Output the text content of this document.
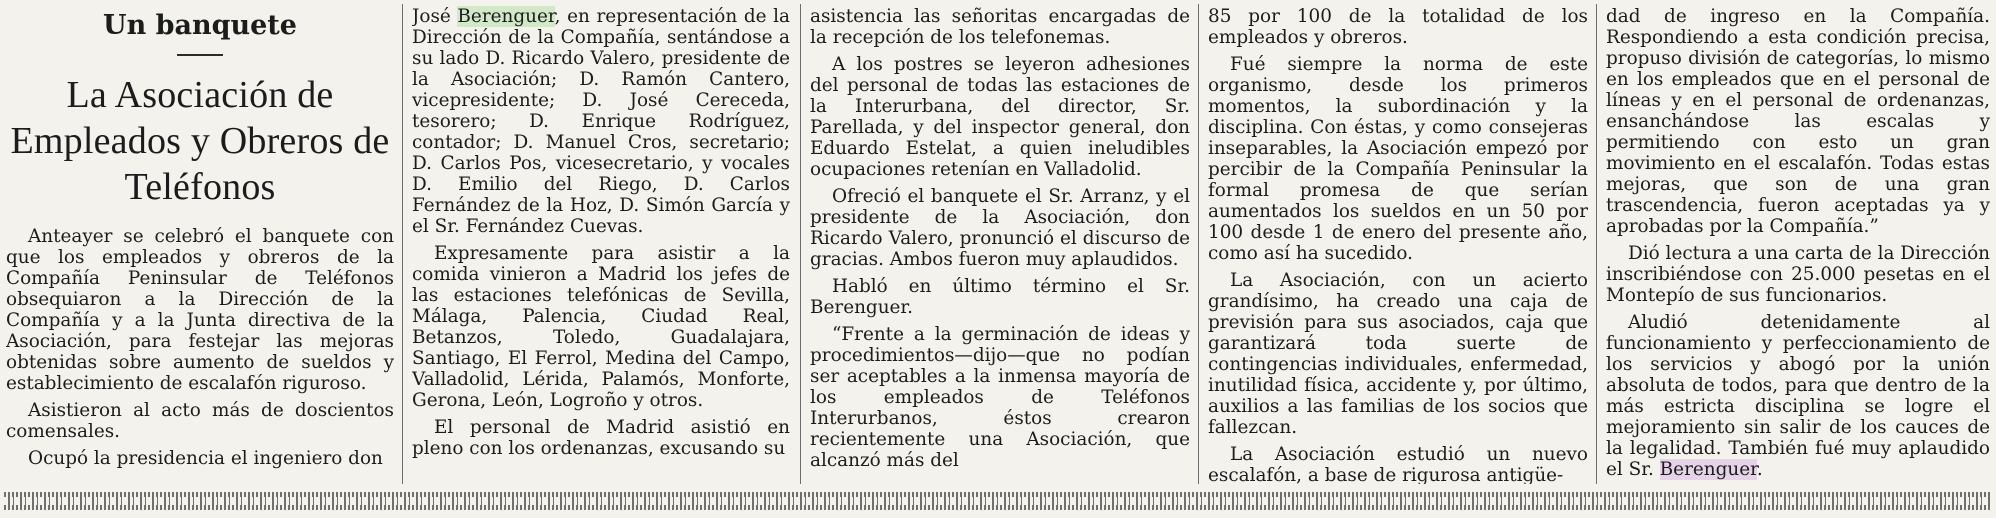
Un banquete
La Asociación de Empleados y Obreros de Teléfonos

Anteayer se celebró el banquete con que los empleados y obreros de la Compañía Peninsular de Teléfonos obsequiaron a la Dirección de la Compañía y a la Junta directiva de la Asociación, para festejar las mejoras obtenidas sobre aumento de sueldos y establecimiento de escalafón riguroso.

Asistieron al acto más de doscientos comensales.

Ocupó la presidencia el ingeniero don

José Berenguer, en representación de la Dirección de la Compañía, sentándose a su lado D. Ricardo Valero, presidente de la Asociación; D. Ramón Cantero, vicepresidente; D. José Cereceda, tesorero; D. Enrique Rodríguez, contador; D. Manuel Cros, secretario; D. Carlos Pos, vicesecretario, y vocales D. Emilio del Riego, D. Carlos Fernández de la Hoz, D. Simón García y el Sr. Fernández Cuevas.

Expresamente para asistir a la comida vinieron a Madrid los jefes de las estaciones telefónicas de Sevilla, Málaga, Palencia, Ciudad Real, Betanzos, Toledo, Guadalajara, Santiago, El Ferrol, Medina del Campo, Valladolid, Lérida, Palamós, Monforte, Gerona, León, Logroño y otros.

El personal de Madrid asistió en pleno con los ordenanzas, excusando su

asistencia las señoritas encargadas de la recepción de los telefonemas.

A los postres se leyeron adhesiones del personal de todas las estaciones de la Interurbana, del director, Sr. Parellada, y del inspector general, don Eduardo Estelat, a quien ineludibles ocupaciones retenían en Valladolid.

Ofreció el banquete el Sr. Arranz, y el presidente de la Asociación, don Ricardo Valero, pronunció el discurso de gracias. Ambos fueron muy aplaudidos.

Habló en último término el Sr. Berenguer.

“Frente a la germinación de ideas y procedimientos—dijo—que no podían ser aceptables a la inmensa mayoría de los empleados de Teléfonos Interurbanos, éstos crearon recientemente una Asociación, que alcanzó más del

85 por 100 de la totalidad de los empleados y obreros.

Fué siempre la norma de este organismo, desde los primeros momentos, la subordinación y la disciplina. Con éstas, y como consejeras inseparables, la Asociación empezó por percibir de la Compañía Peninsular la formal promesa de que serían aumentados los sueldos en un 50 por 100 desde 1 de enero del presente año, como así ha sucedido.

La Asociación, con un acierto grandísimo, ha creado una caja de previsión para sus asociados, caja que garantizará toda suerte de contingencias individuales, enfermedad, inutilidad física, accidente y, por último, auxilios a las familias de los socios que fallezcan.

La Asociación estudió un nuevo escalafón, a base de rigurosa antigüe-

dad de ingreso en la Compañía. Respondiendo a esta condición precisa, propuso división de categorías, lo mismo en los empleados que en el personal de líneas y en el personal de ordenanzas, ensanchándose las escalas y permitiendo con esto un gran movimiento en el escalafón. Todas estas mejoras, que son de una gran trascendencia, fueron aceptadas ya y aprobadas por la Compañía.”

Dió lectura a una carta de la Dirección inscribiéndose con 25.000 pesetas en el Montepío de sus funcionarios.

Aludió detenidamente al funcionamiento y perfeccionamiento de los servicios y abogó por la unión absoluta de todos, para que dentro de la más estricta disciplina se logre el mejoramiento sin salir de los cauces de la legalidad. También fué muy aplaudido el Sr. Berenguer.
